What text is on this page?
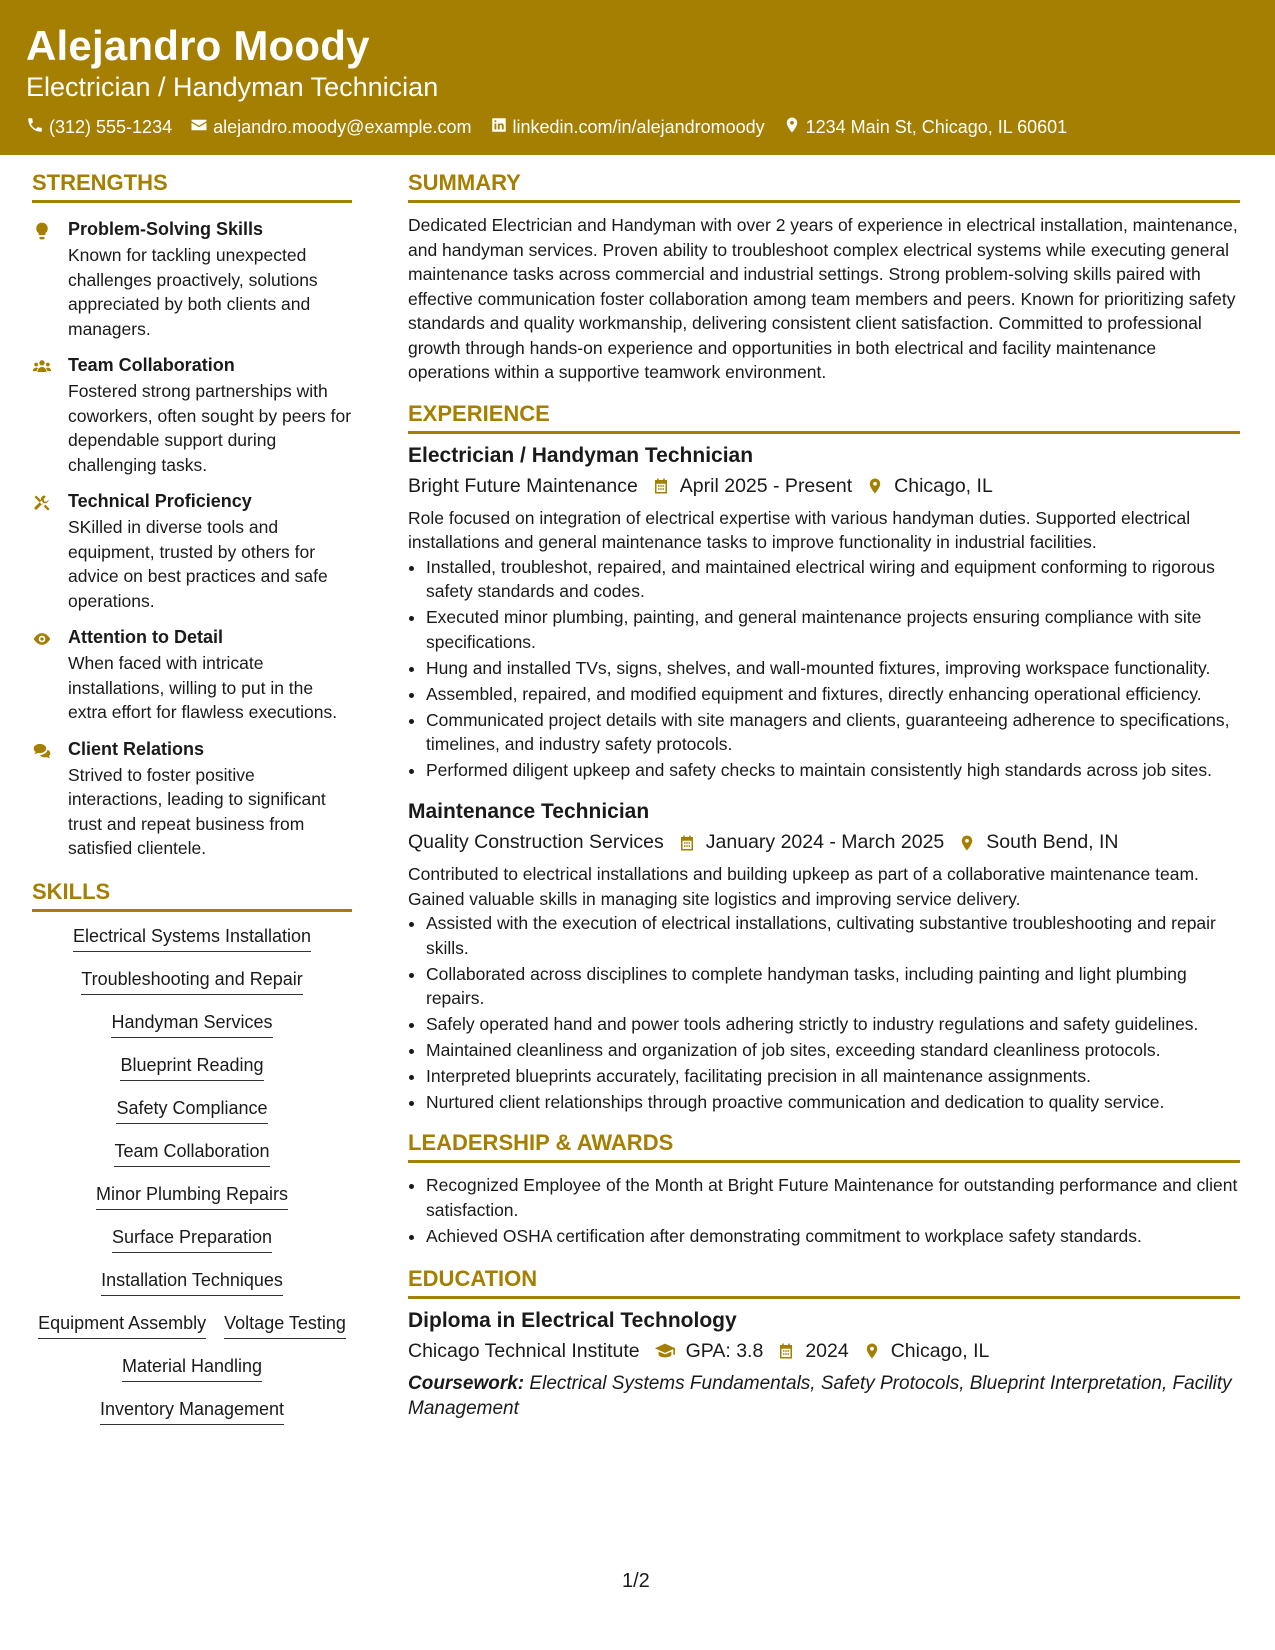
Alejandro Moody
Electrician / Handyman Technician
(312) 555-1234 alejandro.moody@example.com linkedin.com/in/alejandromoody 1234 Main St, Chicago, IL 60601
STRENGTHS
Problem-Solving Skills
Known for tackling unexpected challenges proactively, solutions appreciated by both clients and managers.
Team Collaboration
Fostered strong partnerships with coworkers, often sought by peers for dependable support during challenging tasks.
Technical Proficiency
SKilled in diverse tools and equipment, trusted by others for advice on best practices and safe operations.
Attention to Detail
When faced with intricate installations, willing to put in the extra effort for flawless executions.
Client Relations
Strived to foster positive interactions, leading to significant trust and repeat business from satisfied clientele.
SKILLS
Electrical Systems Installation
Troubleshooting and Repair
Handyman Services
Blueprint Reading
Safety Compliance
Team Collaboration
Minor Plumbing Repairs
Surface Preparation
Installation Techniques
Equipment Assembly Voltage Testing
Material Handling
Inventory Management
SUMMARY
Dedicated Electrician and Handyman with over 2 years of experience in electrical installation, maintenance, and handyman services. Proven ability to troubleshoot complex electrical systems while executing general maintenance tasks across commercial and industrial settings. Strong problem-solving skills paired with effective communication foster collaboration among team members and peers. Known for prioritizing safety standards and quality workmanship, delivering consistent client satisfaction. Committed to professional growth through hands-on experience and opportunities in both electrical and facility maintenance operations within a supportive teamwork environment.
EXPERIENCE
Electrician / Handyman Technician
Bright Future Maintenance April 2025 - Present Chicago, IL
Role focused on integration of electrical expertise with various handyman duties. Supported electrical installations and general maintenance tasks to improve functionality in industrial facilities.
• Installed, troubleshot, repaired, and maintained electrical wiring and equipment conforming to rigorous safety standards and codes.
• Executed minor plumbing, painting, and general maintenance projects ensuring compliance with site specifications.
• Hung and installed TVs, signs, shelves, and wall-mounted fixtures, improving workspace functionality.
• Assembled, repaired, and modified equipment and fixtures, directly enhancing operational efficiency.
• Communicated project details with site managers and clients, guaranteeing adherence to specifications, timelines, and industry safety protocols.
• Performed diligent upkeep and safety checks to maintain consistently high standards across job sites.
Maintenance Technician
Quality Construction Services January 2024 - March 2025 South Bend, IN
Contributed to electrical installations and building upkeep as part of a collaborative maintenance team. Gained valuable skills in managing site logistics and improving service delivery.
• Assisted with the execution of electrical installations, cultivating substantive troubleshooting and repair skills.
• Collaborated across disciplines to complete handyman tasks, including painting and light plumbing repairs.
• Safely operated hand and power tools adhering strictly to industry regulations and safety guidelines.
• Maintained cleanliness and organization of job sites, exceeding standard cleanliness protocols.
• Interpreted blueprints accurately, facilitating precision in all maintenance assignments.
• Nurtured client relationships through proactive communication and dedication to quality service.
LEADERSHIP & AWARDS
• Recognized Employee of the Month at Bright Future Maintenance for outstanding performance and client satisfaction.
• Achieved OSHA certification after demonstrating commitment to workplace safety standards.
EDUCATION
Diploma in Electrical Technology
Chicago Technical Institute GPA: 3.8 2024 Chicago, IL
Coursework: Electrical Systems Fundamentals, Safety Protocols, Blueprint Interpretation, Facility Management
1/2
